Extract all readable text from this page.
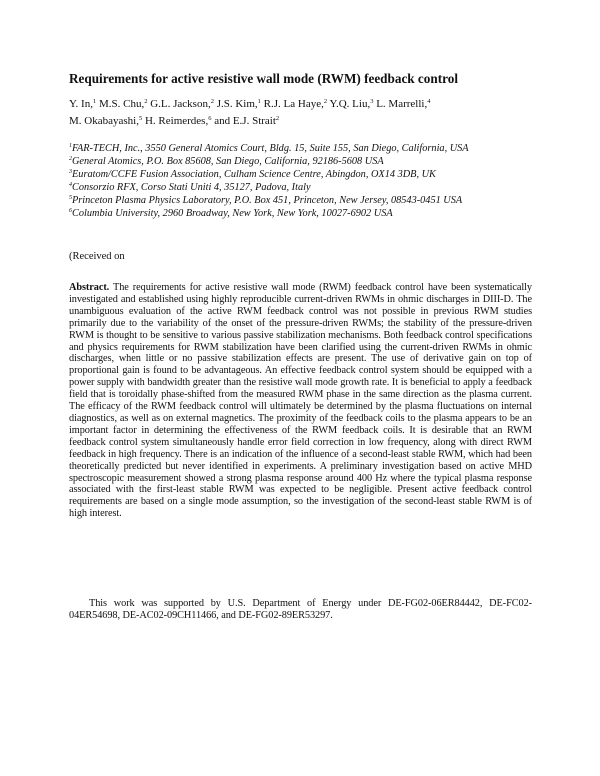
Requirements for active resistive wall mode (RWM) feedback control
Y. In,$^1$ M.S. Chu,$^2$ G.L. Jackson,$^2$ J.S. Kim,$^1$ R.J. La Haye,$^2$ Y.Q. Liu,$^3$ L. Marrelli,$^4$
M. Okabayashi,$^5$ H. Reimerdes,$^6$ and E.J. Strait$^2$
$^1$FAR-TECH, Inc., 3550 General Atomics Court, Bldg. 15, Suite 155, San Diego, California, USA
$^2$General Atomics, P.O. Box 85608, San Diego, California, 92186-5608 USA
$^3$Euratom/CCFE Fusion Association, Culham Science Centre, Abingdon, OX14 3DB, UK
$^4$Consorzio RFX, Corso Stati Uniti 4, 35127, Padova, Italy
$^5$Princeton Plasma Physics Laboratory, P.O. Box 451, Princeton, New Jersey, 08543-0451 USA
$^6$Columbia University, 2960 Broadway, New York, New York, 10027-6902 USA
(Received on
Abstract. The requirements for active resistive wall mode (RWM) feedback control have been systematically investigated and established using highly reproducible current-driven RWMs in ohmic discharges in DIII-D. The unambiguous evaluation of the active RWM feedback control was not possible in previous RWM studies primarily due to the variability of the onset of the pressure-driven RWMs; the stability of the pressure-driven RWM is thought to be sensitive to various passive stabilization mechanisms. Both feedback control specifications and physics requirements for RWM stabilization have been clarified using the current-driven RWMs in ohmic discharges, when little or no passive stabilization effects are present. The use of derivative gain on top of proportional gain is found to be advantageous. An effective feedback control system should be equipped with a power supply with bandwidth greater than the resistive wall mode growth rate. It is beneficial to apply a feedback field that is toroidally phase-shifted from the measured RWM phase in the same direction as the plasma current. The efficacy of the RWM feedback control will ultimately be determined by the plasma fluctuations on internal diagnostics, as well as on external magnetics. The proximity of the feedback coils to the plasma appears to be an important factor in determining the effectiveness of the RWM feedback coils. It is desirable that an RWM feedback control system simultaneously handle error field correction in low frequency, along with direct RWM feedback in high frequency. There is an indication of the influence of a second-least stable RWM, which had been theoretically predicted but never identified in experiments. A preliminary investigation based on active MHD spectroscopic measurement showed a strong plasma response around 400 Hz where the typical plasma response associated with the first-least stable RWM was expected to be negligible. Present active feedback control requirements are based on a single mode assumption, so the investigation of the second-least stable RWM is of high interest.
This work was supported by U.S. Department of Energy under DE-FG02-06ER84442, DE-FC02-04ER54698, DE-AC02-09CH11466, and DE-FG02-89ER53297.
